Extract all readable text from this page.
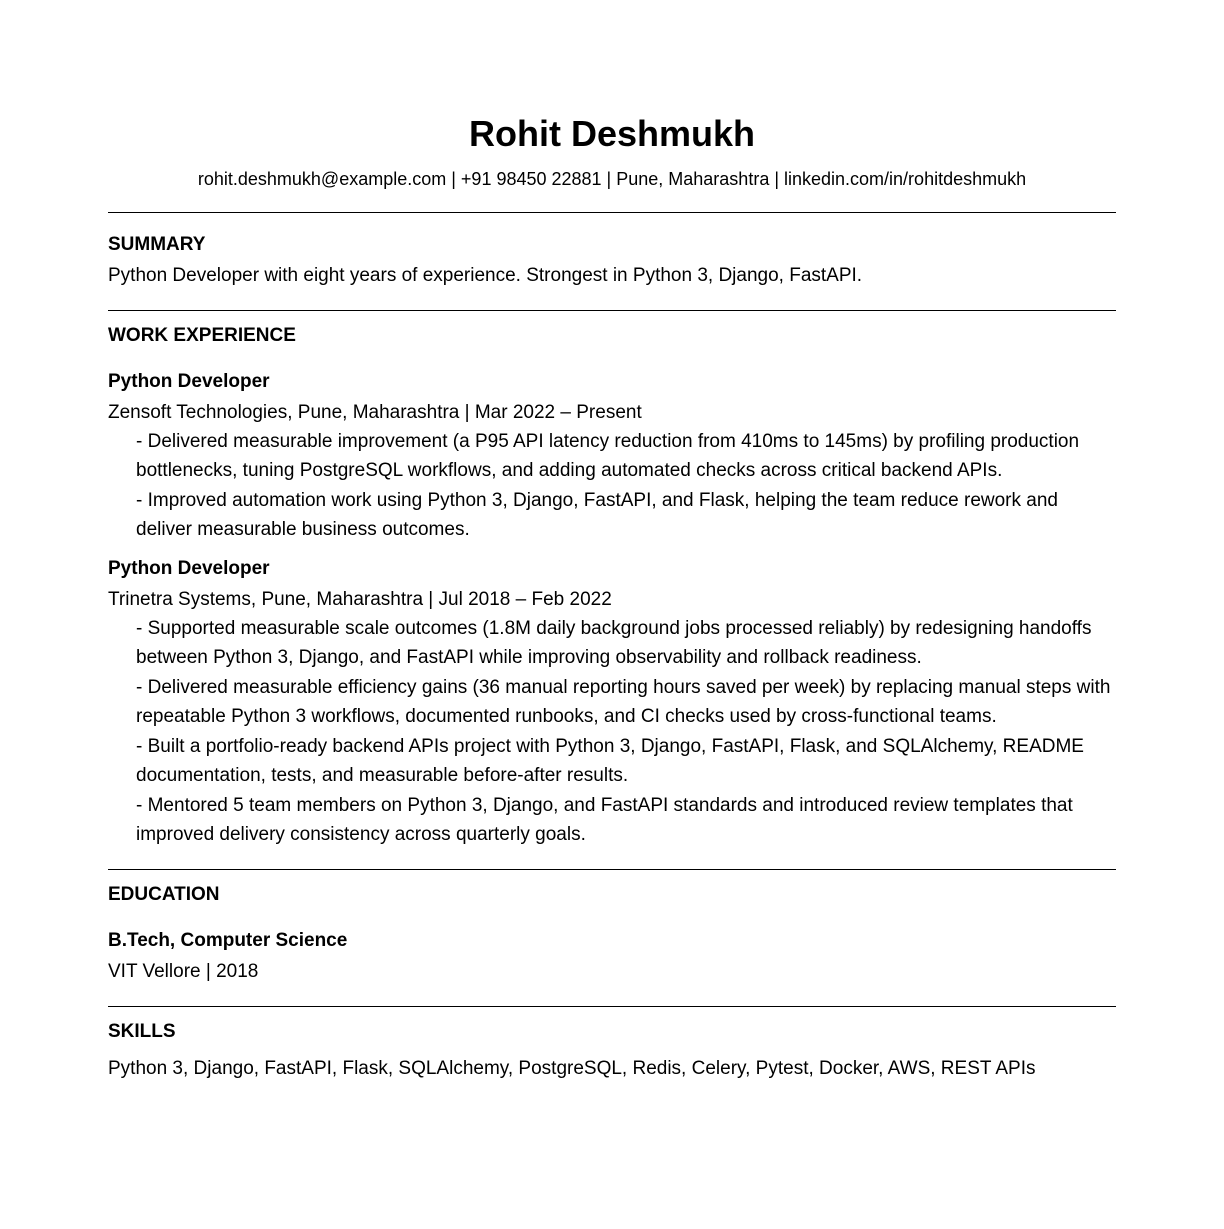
Rohit Deshmukh
rohit.deshmukh@example.com | +91 98450 22881 | Pune, Maharashtra | linkedin.com/in/rohitdeshmukh
SUMMARY
Python Developer with eight years of experience. Strongest in Python 3, Django, FastAPI.
WORK EXPERIENCE
Python Developer
Zensoft Technologies, Pune, Maharashtra | Mar 2022 – Present
- Delivered measurable improvement (a P95 API latency reduction from 410ms to 145ms) by profiling production bottlenecks, tuning PostgreSQL workflows, and adding automated checks across critical backend APIs.
- Improved automation work using Python 3, Django, FastAPI, and Flask, helping the team reduce rework and deliver measurable business outcomes.
Python Developer
Trinetra Systems, Pune, Maharashtra | Jul 2018 – Feb 2022
- Supported measurable scale outcomes (1.8M daily background jobs processed reliably) by redesigning handoffs between Python 3, Django, and FastAPI while improving observability and rollback readiness.
- Delivered measurable efficiency gains (36 manual reporting hours saved per week) by replacing manual steps with repeatable Python 3 workflows, documented runbooks, and CI checks used by cross-functional teams.
- Built a portfolio-ready backend APIs project with Python 3, Django, FastAPI, Flask, and SQLAlchemy, README documentation, tests, and measurable before-after results.
- Mentored 5 team members on Python 3, Django, and FastAPI standards and introduced review templates that improved delivery consistency across quarterly goals.
EDUCATION
B.Tech, Computer Science
VIT Vellore | 2018
SKILLS
Python 3, Django, FastAPI, Flask, SQLAlchemy, PostgreSQL, Redis, Celery, Pytest, Docker, AWS, REST APIs
